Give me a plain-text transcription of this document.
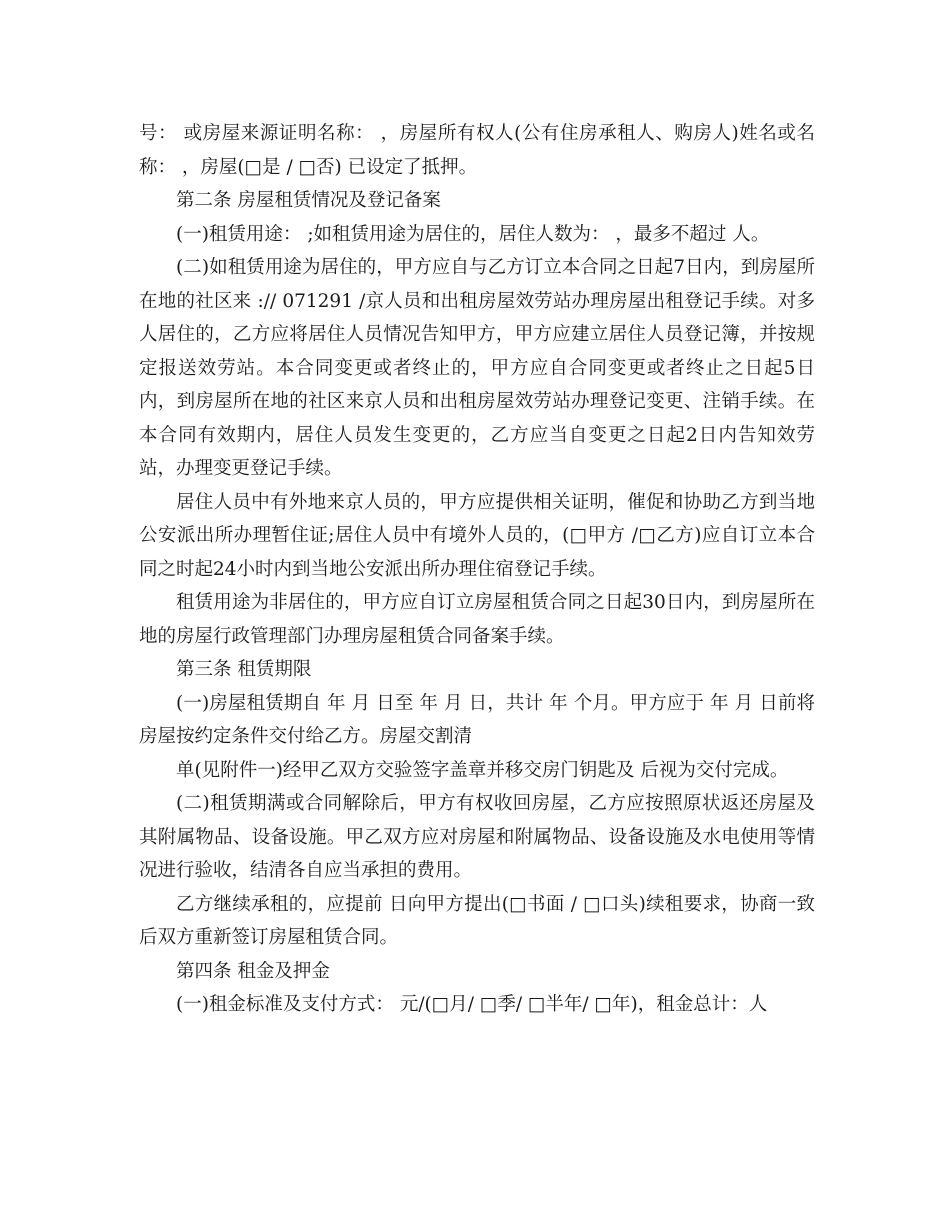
号： 或房屋来源证明名称： ，房屋所有权人(公有住房承租人、购房人)姓名或名称： ，房屋(□是 / □否) 已设定了抵押。

第二条 房屋租赁情况及登记备案

(一)租赁用途： ;如租赁用途为居住的，居住人数为： ，最多不超过 人。

(二)如租赁用途为居住的，甲方应自与乙方订立本合同之日起7日内，到房屋所在地的社区来 :// 071291 /京人员和出租房屋效劳站办理房屋出租登记手续。对多人居住的，乙方应将居住人员情况告知甲方，甲方应建立居住人员登记簿，并按规定报送效劳站。本合同变更或者终止的，甲方应自合同变更或者终止之日起5日内，到房屋所在地的社区来京人员和出租房屋效劳站办理登记变更、注销手续。在本合同有效期内，居住人员发生变更的，乙方应当自变更之日起2日内告知效劳站，办理变更登记手续。

居住人员中有外地来京人员的，甲方应提供相关证明，催促和协助乙方到当地公安派出所办理暂住证;居住人员中有境外人员的，(□甲方 /□乙方)应自订立本合同之时起24小时内到当地公安派出所办理住宿登记手续。

租赁用途为非居住的，甲方应自订立房屋租赁合同之日起30日内，到房屋所在地的房屋行政管理部门办理房屋租赁合同备案手续。

第三条 租赁期限

(一)房屋租赁期自 年 月 日至 年 月 日，共计 年 个月。甲方应于 年 月 日前将房屋按约定条件交付给乙方。房屋交割清

单(见附件一)经甲乙双方交验签字盖章并移交房门钥匙及 后视为交付完成。

(二)租赁期满或合同解除后，甲方有权收回房屋，乙方应按照原状返还房屋及其附属物品、设备设施。甲乙双方应对房屋和附属物品、设备设施及水电使用等情况进行验收，结清各自应当承担的费用。

乙方继续承租的，应提前 日向甲方提出(□书面 / □口头)续租要求，协商一致后双方重新签订房屋租赁合同。

第四条 租金及押金

(一)租金标准及支付方式： 元/(□月/ □季/ □半年/ □年)，租金总计：人
